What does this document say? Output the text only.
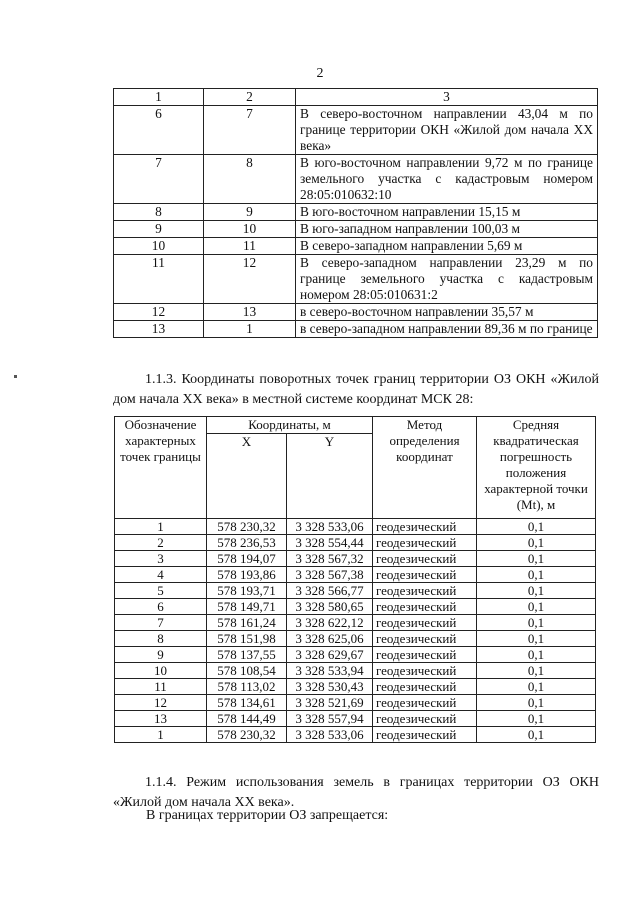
2
1	2	3
6	7	В северо-восточном направлении 43,04 м по границе территории ОКН «Жилой дом начала XX века»
7	8	В юго-восточном направлении 9,72 м по границе земельного участка с кадастровым номером 28:05:010632:10
8	9	В юго-восточном направлении 15,15 м
9	10	В юго-западном направлении 100,03 м
10	11	В северо-западном направлении 5,69 м
11	12	В северо-западном направлении 23,29 м по границе земельного участка с кадастровым номером 28:05:010631:2
12	13	в северо-восточном направлении 35,57 м
13	1	в северо-западном направлении 89,36 м по границе
1.1.3. Координаты поворотных точек границ территории ОЗ ОКН «Жилой дом начала XX века» в местной системе координат МСК 28:
Обозначение характерных точек границы	Координаты, м		Метод определения координат	Средняя квадратическая погрешность положения характерной точки (Mt), м
	X	Y		
1	578 230,32	3 328 533,06	геодезический	0,1
2	578 236,53	3 328 554,44	геодезический	0,1
3	578 194,07	3 328 567,32	геодезический	0,1
4	578 193,86	3 328 567,38	геодезический	0,1
5	578 193,71	3 328 566,77	геодезический	0,1
6	578 149,71	3 328 580,65	геодезический	0,1
7	578 161,24	3 328 622,12	геодезический	0,1
8	578 151,98	3 328 625,06	геодезический	0,1
9	578 137,55	3 328 629,67	геодезический	0,1
10	578 108,54	3 328 533,94	геодезический	0,1
11	578 113,02	3 328 530,43	геодезический	0,1
12	578 134,61	3 328 521,69	геодезический	0,1
13	578 144,49	3 328 557,94	геодезический	0,1
1	578 230,32	3 328 533,06	геодезический	0,1
1.1.4. Режим использования земель в границах территории ОЗ ОКН «Жилой дом начала XX века».
В границах территории ОЗ запрещается:
